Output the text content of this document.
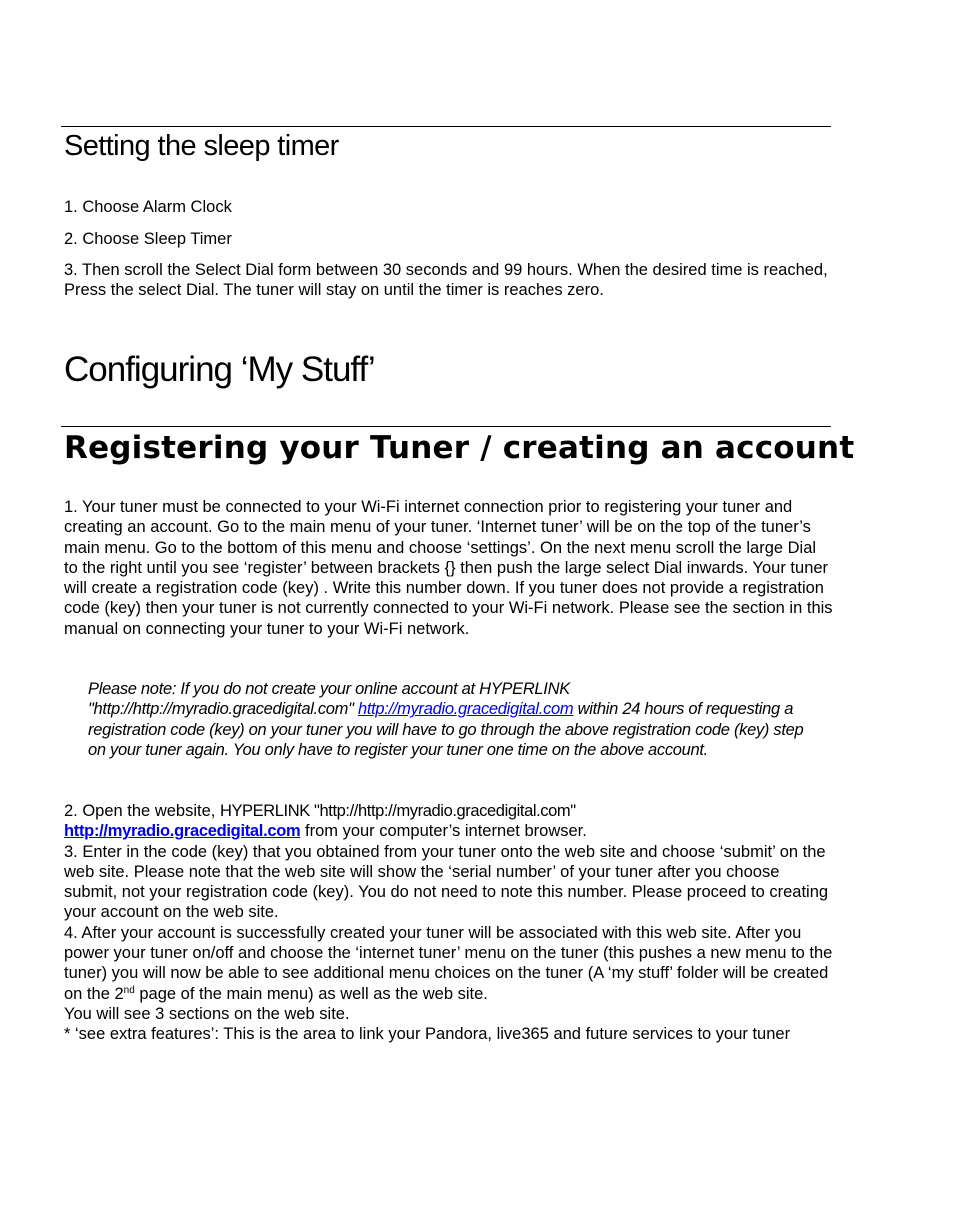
Setting the sleep timer

1. Choose Alarm Clock

2. Choose Sleep Timer

3. Then scroll the Select Dial form between 30 seconds and 99 hours. When the desired time is reached, Press the select Dial. The tuner will stay on until the timer is reaches zero.

Configuring ‘My Stuff’
Registering your Tuner / creating an account

1. Your tuner must be connected to your Wi-Fi internet connection prior to registering your tuner and creating an account. Go to the main menu of your tuner. ‘Internet tuner’ will be on the top of the tuner’s main menu. Go to the bottom of this menu and choose ‘settings’. On the next menu scroll the large Dial to the right until you see ‘register’ between brackets {} then push the large select Dial inwards. Your tuner will create a registration code (key) . Write this number down. If you tuner does not provide a registration code (key) then your tuner is not currently connected to your Wi-Fi network. Please see the section in this manual on connecting your tuner to your Wi-Fi network.

Please note: If you do not create your online account at HYPERLINK "http://http://myradio.gracedigital.com" http://myradio.gracedigital.com within 24 hours of requesting a registration code (key) on your tuner you will have to go through the above registration code (key) step on your tuner again. You only have to register your tuner one time on the above account.

2. Open the website, HYPERLINK "http://http://myradio.gracedigital.com"
http://myradio.gracedigital.com from your computer’s internet browser.
3. Enter in the code (key) that you obtained from your tuner onto the web site and choose ‘submit’ on the web site. Please note that the web site will show the ‘serial number’ of your tuner after you choose submit, not your registration code (key). You do not need to note this number. Please proceed to creating your account on the web site.
4. After your account is successfully created your tuner will be associated with this web site. After you power your tuner on/off and choose the ‘internet tuner’ menu on the tuner (this pushes a new menu to the tuner) you will now be able to see additional menu choices on the tuner (A ‘my stuff’ folder will be created on the 2nd page of the main menu) as well as the web site.
You will see 3 sections on the web site.
* ‘see extra features’: This is the area to link your Pandora, live365 and future services to your tuner
